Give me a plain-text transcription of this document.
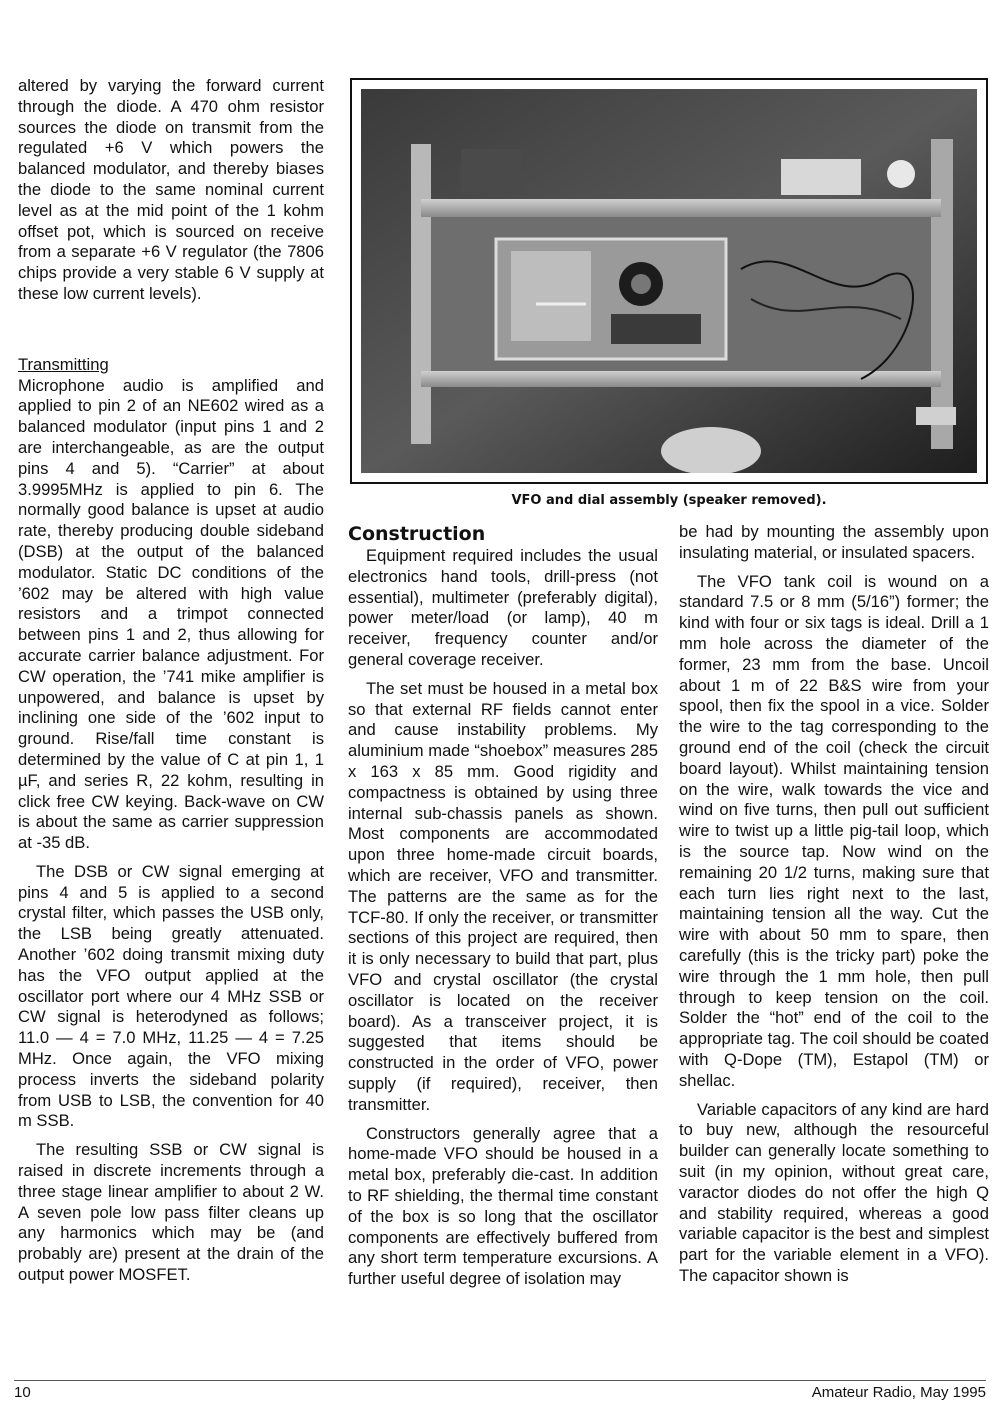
altered by varying the forward current through the diode. A 470 ohm resistor sources the diode on transmit from the regulated +6 V which powers the balanced modulator, and thereby biases the diode to the same nominal current level as at the mid point of the 1 kohm offset pot, which is sourced on receive from a separate +6 V regulator (the 7806 chips provide a very stable 6 V supply at these low current levels).

Transmitting

Microphone audio is amplified and applied to pin 2 of an NE602 wired as a balanced modulator (input pins 1 and 2 are interchangeable, as are the output pins 4 and 5). “Carrier” at about 3.9995MHz is applied to pin 6. The normally good balance is upset at audio rate, thereby producing double sideband (DSB) at the output of the balanced modulator. Static DC conditions of the ’602 may be altered with high value resistors and a trimpot connected between pins 1 and 2, thus allowing for accurate carrier balance adjustment. For CW operation, the ’741 mike amplifier is unpowered, and balance is upset by inclining one side of the ’602 input to ground. Rise/fall time constant is determined by the value of C at pin 1, 1 µF, and series R, 22 kohm, resulting in click free CW keying. Back-wave on CW is about the same as carrier suppression at -35 dB.

The DSB or CW signal emerging at pins 4 and 5 is applied to a second crystal filter, which passes the USB only, the LSB being greatly attenuated. Another ’602 doing transmit mixing duty has the VFO output applied at the oscillator port where our 4 MHz SSB or CW signal is heterodyned as follows; 11.0 — 4 = 7.0 MHz, 11.25 — 4 = 7.25 MHz. Once again, the VFO mixing process inverts the sideband polarity from USB to LSB, the convention for 40 m SSB.

The resulting SSB or CW signal is raised in discrete increments through a three stage linear amplifier to about 2 W. A seven pole low pass filter cleans up any harmonics which may be (and probably are) present at the drain of the output power MOSFET.

VFO and dial assembly (speaker removed).

Construction

Equipment required includes the usual electronics hand tools, drill-press (not essential), multimeter (preferably digital), power meter/load (or lamp), 40 m receiver, frequency counter and/or general coverage receiver.

The set must be housed in a metal box so that external RF fields cannot enter and cause instability problems. My aluminium made “shoebox” measures 285 x 163 x 85 mm. Good rigidity and compactness is obtained by using three internal sub-chassis panels as shown. Most components are accommodated upon three home-made circuit boards, which are receiver, VFO and transmitter. The patterns are the same as for the TCF-80. If only the receiver, or transmitter sections of this project are required, then it is only necessary to build that part, plus VFO and crystal oscillator (the crystal oscillator is located on the receiver board). As a transceiver project, it is suggested that items should be constructed in the order of VFO, power supply (if required), receiver, then transmitter.

Constructors generally agree that a home-made VFO should be housed in a metal box, preferably die-cast. In addition to RF shielding, the thermal time constant of the box is so long that the oscillator components are effectively buffered from any short term temperature excursions. A further useful degree of isolation may

be had by mounting the assembly upon insulating material, or insulated spacers.

The VFO tank coil is wound on a standard 7.5 or 8 mm (5/16”) former; the kind with four or six tags is ideal. Drill a 1 mm hole across the diameter of the former, 23 mm from the base. Uncoil about 1 m of 22 B&S wire from your spool, then fix the spool in a vice. Solder the wire to the tag corresponding to the ground end of the coil (check the circuit board layout). Whilst maintaining tension on the wire, walk towards the vice and wind on five turns, then pull out sufficient wire to twist up a little pig-tail loop, which is the source tap. Now wind on the remaining 20 1/2 turns, making sure that each turn lies right next to the last, maintaining tension all the way. Cut the wire with about 50 mm to spare, then carefully (this is the tricky part) poke the wire through the 1 mm hole, then pull through to keep tension on the coil. Solder the “hot” end of the coil to the appropriate tag. The coil should be coated with Q-Dope (TM), Estapol (TM) or shellac.

Variable capacitors of any kind are hard to buy new, although the resourceful builder can generally locate something to suit (in my opinion, without great care, varactor diodes do not offer the high Q and stability required, whereas a good variable capacitor is the best and simplest part for the variable element in a VFO). The capacitor shown is

10	Amateur Radio, May 1995
